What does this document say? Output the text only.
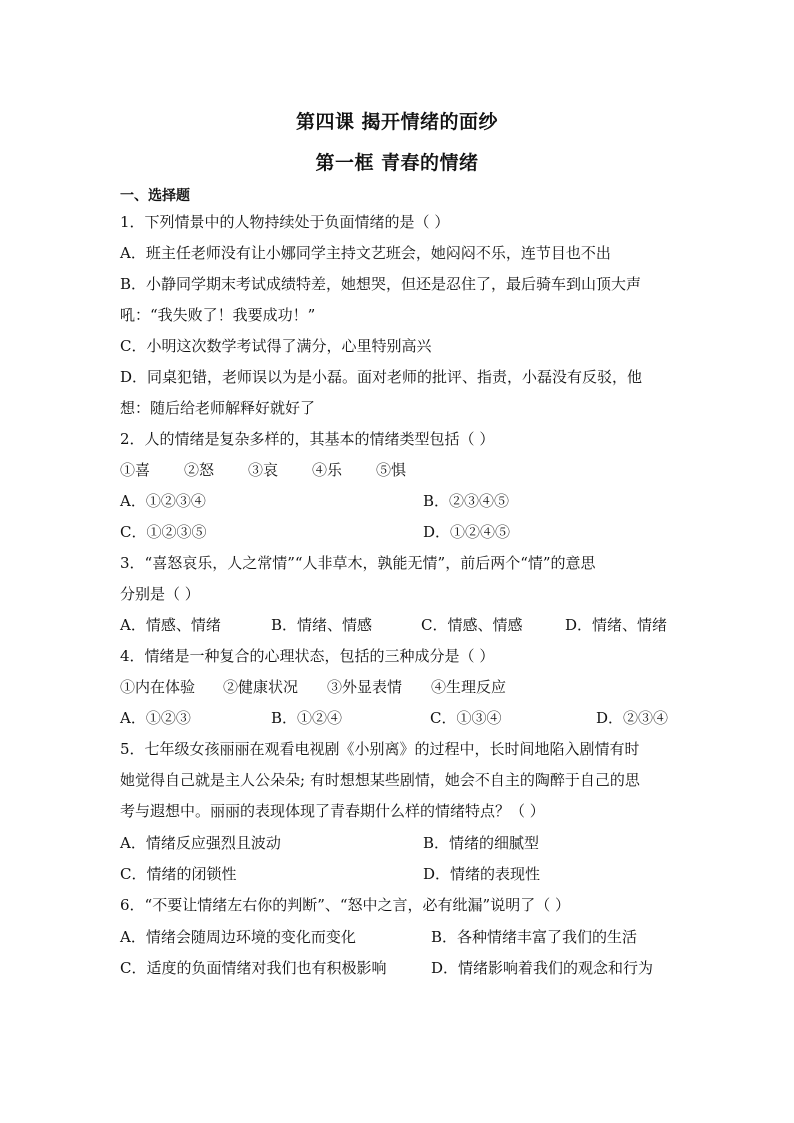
第四课 揭开情绪的面纱
第一框 青春的情绪
一、选择题
1．下列情景中的人物持续处于负面情绪的是（ ）
A．班主任老师没有让小娜同学主持文艺班会，她闷闷不乐，连节目也不出
B．小静同学期末考试成绩特差，她想哭，但还是忍住了，最后骑车到山顶大声
吼：“我失败了！我要成功！”
C．小明这次数学考试得了满分，心里特别高兴
D．同桌犯错，老师误以为是小磊。面对老师的批评、指责，小磊没有反驳，他
想：随后给老师解释好就好了
2．人的情绪是复杂多样的，其基本的情绪类型包括（ ）
①喜 ②怒 ③哀 ④乐 ⑤惧
A．①②③④	B．②③④⑤
C．①②③⑤	D．①②④⑤
3．“喜怒哀乐，人之常情”“人非草木，孰能无情”，前后两个“情”的意思
分别是（ ）
A．情感、情绪	B．情绪、情感	C．情感、情感	D．情绪、情绪
4．情绪是一种复合的心理状态，包括的三种成分是（ ）
①内在体验 ②健康状况 ③外显表情 ④生理反应
A．①②③	B．①②④	C．①③④	D．②③④
5．七年级女孩丽丽在观看电视剧《小别离》的过程中，长时间地陷入剧情有时
她觉得自己就是主人公朵朵; 有时想想某些剧情，她会不自主的陶醉于自己的思
考与遐想中。丽丽的表现体现了青春期什么样的情绪特点？（ ）
A．情绪反应强烈且波动	B．情绪的细腻型
C．情绪的闭锁性	D．情绪的表现性
6．“不要让情绪左右你的判断”、“怒中之言，必有纰漏”说明了（ ）
A．情绪会随周边环境的变化而变化	B．各种情绪丰富了我们的生活
C．适度的负面情绪对我们也有积极影响	D．情绪影响着我们的观念和行为
